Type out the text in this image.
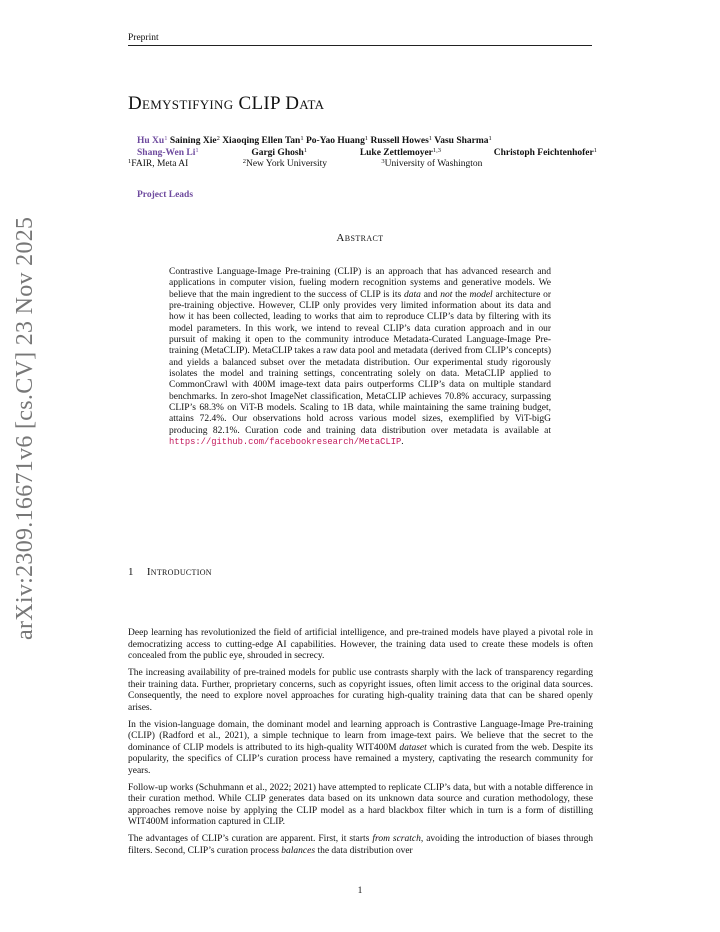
Preprint
arXiv:2309.16671v6 [cs.CV] 23 Nov 2025
Demystifying CLIP Data
Hu Xu$^1$ Saining Xie$^2$ Xiaoqing Ellen Tan$^1$ Po-Yao Huang$^1$ Russell Howes$^1$ Vasu Sharma$^1$
Shang-Wen Li$^1$	Gargi Ghosh$^1$	Luke Zettlemoyer$^{1,3}$	Christoph Feichtenhofer$^1$
$^1$FAIR, Meta AI	$^2$New York University	$^3$University of Washington
Project Leads
Abstract
Contrastive Language-Image Pre-training (CLIP) is an approach that has advanced research and applications in computer vision, fueling modern recognition systems and generative models. We believe that the main ingredient to the success of CLIP is its data and not the model architecture or pre-training objective. However, CLIP only provides very limited information about its data and how it has been collected, leading to works that aim to reproduce CLIP’s data by filtering with its model parameters. In this work, we intend to reveal CLIP’s data curation approach and in our pursuit of making it open to the community introduce Metadata-Curated Language-Image Pre-training (MetaCLIP). MetaCLIP takes a raw data pool and metadata (derived from CLIP’s concepts) and yields a balanced subset over the metadata distribution. Our experimental study rigorously isolates the model and training settings, concentrating solely on data. MetaCLIP applied to CommonCrawl with 400M image-text data pairs outperforms CLIP’s data on multiple standard benchmarks. In zero-shot ImageNet classification, MetaCLIP achieves 70.8% accuracy, surpassing CLIP’s 68.3% on ViT-B models. Scaling to 1B data, while maintaining the same training budget, attains 72.4%. Our observations hold across various model sizes, exemplified by ViT-bigG producing 82.1%. Curation code and training data distribution over metadata is available at https://github.com/facebookresearch/MetaCLIP.
1 Introduction

Deep learning has revolutionized the field of artificial intelligence, and pre-trained models have played a pivotal role in democratizing access to cutting-edge AI capabilities. However, the training data used to create these models is often concealed from the public eye, shrouded in secrecy.

The increasing availability of pre-trained models for public use contrasts sharply with the lack of transparency regarding their training data. Further, proprietary concerns, such as copyright issues, often limit access to the original data sources. Consequently, the need to explore novel approaches for curating high-quality training data that can be shared openly arises.

In the vision-language domain, the dominant model and learning approach is Contrastive Language-Image Pre-training (CLIP) (Radford et al., 2021), a simple technique to learn from image-text pairs. We believe that the secret to the dominance of CLIP models is attributed to its high-quality WIT400M dataset which is curated from the web. Despite its popularity, the specifics of CLIP’s curation process have remained a mystery, captivating the research community for years.

Follow-up works (Schuhmann et al., 2022; 2021) have attempted to replicate CLIP’s data, but with a notable difference in their curation method. While CLIP generates data based on its unknown data source and curation methodology, these approaches remove noise by applying the CLIP model as a hard blackbox filter which in turn is a form of distilling WIT400M information captured in CLIP.

The advantages of CLIP’s curation are apparent. First, it starts from scratch, avoiding the introduction of biases through filters. Second, CLIP’s curation process balances the data distribution over

1
